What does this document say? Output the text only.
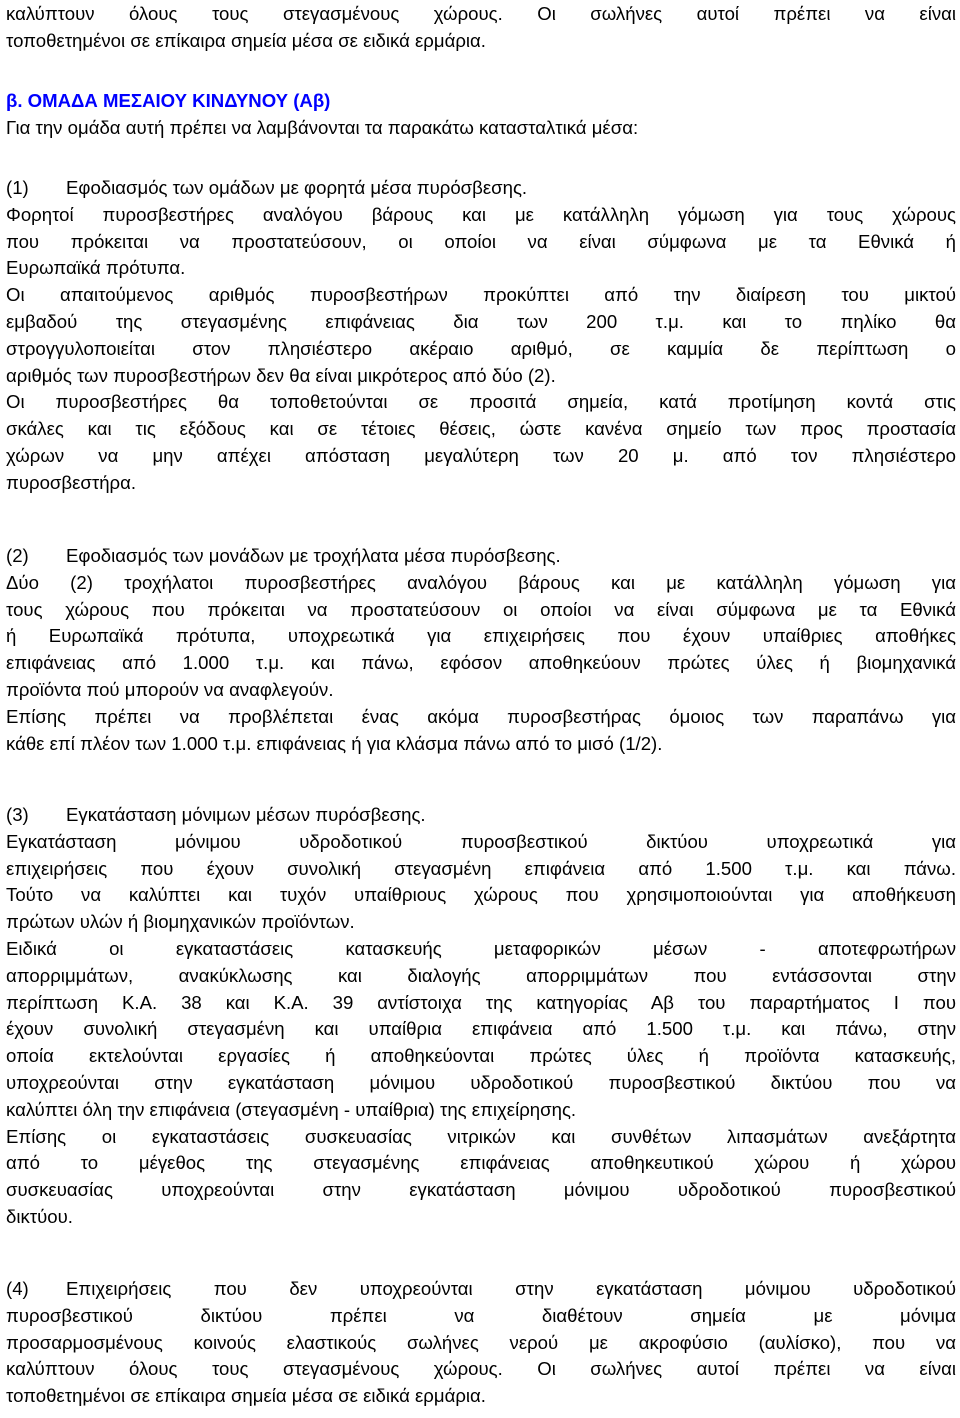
καλύπτουν όλους τους στεγασμένους χώρους. Οι σωλήνες αυτοί πρέπει να είναι
τοποθετημένοι σε επίκαιρα σημεία μέσα σε ειδικά ερμάρια.
β. ΟΜΑΔΑ ΜΕΣΑΙΟΥ ΚΙΝΔΥΝΟΥ (Αβ)
Για την ομάδα αυτή πρέπει να λαμβάνονται τα παρακάτω κατασταλτικά μέσα:
(1) Εφοδιασμός των ομάδων με φορητά μέσα πυρόσβεσης.
Φορητοί πυροσβεστήρες αναλόγου βάρους και με κατάλληλη γόμωση για τους χώρους
που πρόκειται να προστατεύσουν, οι οποίοι να είναι σύμφωνα με τα Εθνικά ή
Ευρωπαϊκά πρότυπα.
Οι απαιτούμενος αριθμός πυροσβεστήρων προκύπτει από την διαίρεση του μικτού
εμβαδού της στεγασμένης επιφάνειας δια των 200 τ.μ. και το πηλίκο θα
στρογγυλοποιείται στον πλησιέστερο ακέραιο αριθμό, σε καμμία δε περίπτωση ο
αριθμός των πυροσβεστήρων δεν θα είναι μικρότερος από δύο (2).
Οι πυροσβεστήρες θα τοποθετούνται σε προσιτά σημεία, κατά προτίμηση κοντά στις
σκάλες και τις εξόδους και σε τέτοιες θέσεις, ώστε κανένα σημείο των προς προστασία
χώρων να μην απέχει απόσταση μεγαλύτερη των 20 μ. από τον πλησιέστερο
πυροσβεστήρα.
(2) Εφοδιασμός των μονάδων με τροχήλατα μέσα πυρόσβεσης.
Δύο (2) τροχήλατοι πυροσβεστήρες αναλόγου βάρους και με κατάλληλη γόμωση για
τους χώρους που πρόκειται να προστατεύσουν οι οποίοι να είναι σύμφωνα με τα Εθνικά
ή Ευρωπαϊκά πρότυπα, υποχρεωτικά για επιχειρήσεις που έχουν υπαίθριες αποθήκες
επιφάνειας από 1.000 τ.μ. και πάνω, εφόσον αποθηκεύουν πρώτες ύλες ή βιομηχανικά
προϊόντα πού μπορούν να αναφλεγούν.
Επίσης πρέπει να προβλέπεται ένας ακόμα πυροσβεστήρας όμοιος των παραπάνω για
κάθε επί πλέον των 1.000 τ.μ. επιφάνειας ή για κλάσμα πάνω από το μισό (1/2).
(3) Εγκατάσταση μόνιμων μέσων πυρόσβεσης.
Εγκατάσταση μόνιμου υδροδοτικού πυροσβεστικού δικτύου υποχρεωτικά για
επιχειρήσεις που έχουν συνολική στεγασμένη επιφάνεια από 1.500 τ.μ. και πάνω.
Τούτο να καλύπτει και τυχόν υπαίθριους χώρους που χρησιμοποιούνται για αποθήκευση
πρώτων υλών ή βιομηχανικών προϊόντων.
Ειδικά οι εγκαταστάσεις κατασκευής μεταφορικών μέσων - αποτεφρωτήρων
απορριμμάτων, ανακύκλωσης και διαλογής απορριμμάτων που εντάσσονται στην
περίπτωση Κ.Α. 38 και Κ.Α. 39 αντίστοιχα της κατηγορίας Αβ του παραρτήματος Ι που
έχουν συνολική στεγασμένη και υπαίθρια επιφάνεια από 1.500 τ.μ. και πάνω, στην
οποία εκτελούνται εργασίες ή αποθηκεύονται πρώτες ύλες ή προϊόντα κατασκευής,
υποχρεούνται στην εγκατάσταση μόνιμου υδροδοτικού πυροσβεστικού δικτύου που να
καλύπτει όλη την επιφάνεια (στεγασμένη - υπαίθρια) της επιχείρησης.
Επίσης οι εγκαταστάσεις συσκευασίας νιτρικών και συνθέτων λιπασμάτων ανεξάρτητα
από το μέγεθος της στεγασμένης επιφάνειας αποθηκευτικού χώρου ή χώρου
συσκευασίας υποχρεούνται στην εγκατάσταση μόνιμου υδροδοτικού πυροσβεστικού
δικτύου.
(4) Επιχειρήσεις που δεν υποχρεούνται στην εγκατάσταση μόνιμου υδροδοτικού
πυροσβεστικού δικτύου πρέπει να διαθέτουν σημεία με μόνιμα
προσαρμοσμένους κοινούς ελαστικούς σωλήνες νερού με ακροφύσιο (αυλίσκο), που να
καλύπτουν όλους τους στεγασμένους χώρους. Οι σωλήνες αυτοί πρέπει να είναι
τοποθετημένοι σε επίκαιρα σημεία μέσα σε ειδικά ερμάρια.
